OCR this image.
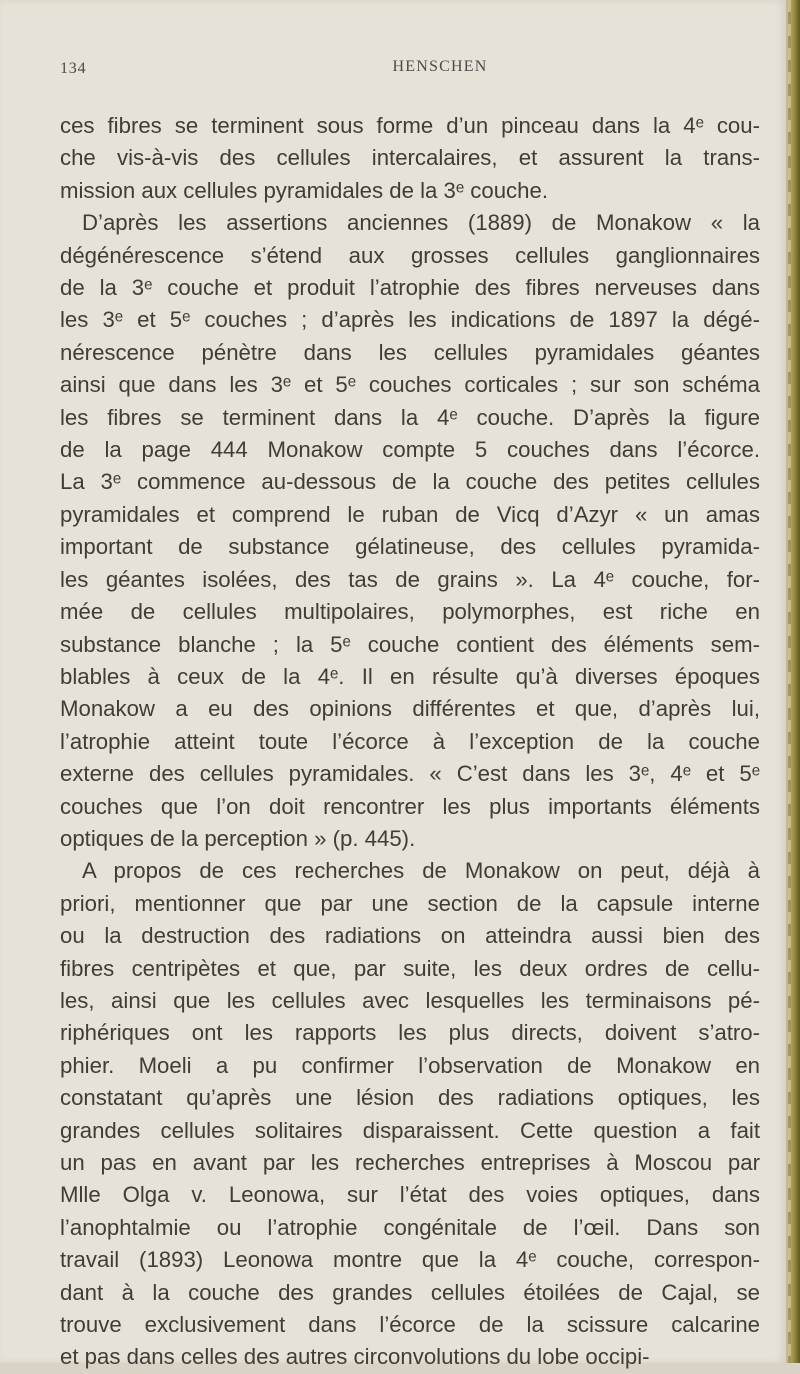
134	HENSCHEN
ces fibres se terminent sous forme d’un pinceau dans la 4ᵉ cou-
che vis-à-vis des cellules intercalaires, et assurent la trans-
mission aux cellules pyramidales de la 3ᵉ couche.
D’après les assertions anciennes (1889) de Monakow « la
dégénérescence s’étend aux grosses cellules ganglionnaires
de la 3ᵉ couche et produit l’atrophie des fibres nerveuses dans
les 3ᵉ et 5ᵉ couches ; d’après les indications de 1897 la dégé-
nérescence pénètre dans les cellules pyramidales géantes
ainsi que dans les 3ᵉ et 5ᵉ couches corticales ; sur son schéma
les fibres se terminent dans la 4ᵉ couche. D’après la figure
de la page 444 Monakow compte 5 couches dans l’écorce.
La 3ᵉ commence au-dessous de la couche des petites cellules
pyramidales et comprend le ruban de Vicq d’Azyr « un amas
important de substance gélatineuse, des cellules pyramida-
les géantes isolées, des tas de grains ». La 4ᵉ couche, for-
mée de cellules multipolaires, polymorphes, est riche en
substance blanche ; la 5ᵉ couche contient des éléments sem-
blables à ceux de la 4ᵉ. Il en résulte qu’à diverses époques
Monakow a eu des opinions différentes et que, d’après lui,
l’atrophie atteint toute l’écorce à l’exception de la couche
externe des cellules pyramidales. « C’est dans les 3ᵉ, 4ᵉ et 5ᵉ
couches que l’on doit rencontrer les plus importants éléments
optiques de la perception » (p. 445).
A propos de ces recherches de Monakow on peut, déjà à
priori, mentionner que par une section de la capsule interne
ou la destruction des radiations on atteindra aussi bien des
fibres centripètes et que, par suite, les deux ordres de cellu-
les, ainsi que les cellules avec lesquelles les terminaisons pé-
riphériques ont les rapports les plus directs, doivent s’atro-
phier. Moeli a pu confirmer l’observation de Monakow en
constatant qu’après une lésion des radiations optiques, les
grandes cellules solitaires disparaissent. Cette question a fait
un pas en avant par les recherches entreprises à Moscou par
Mlle Olga v. Leonowa, sur l’état des voies optiques, dans
l’anophtalmie ou l’atrophie congénitale de l’œil. Dans son
travail (1893) Leonowa montre que la 4ᵉ couche, correspon-
dant à la couche des grandes cellules étoilées de Cajal, se
trouve exclusivement dans l’écorce de la scissure calcarine
et pas dans celles des autres circonvolutions du lobe occipi-
